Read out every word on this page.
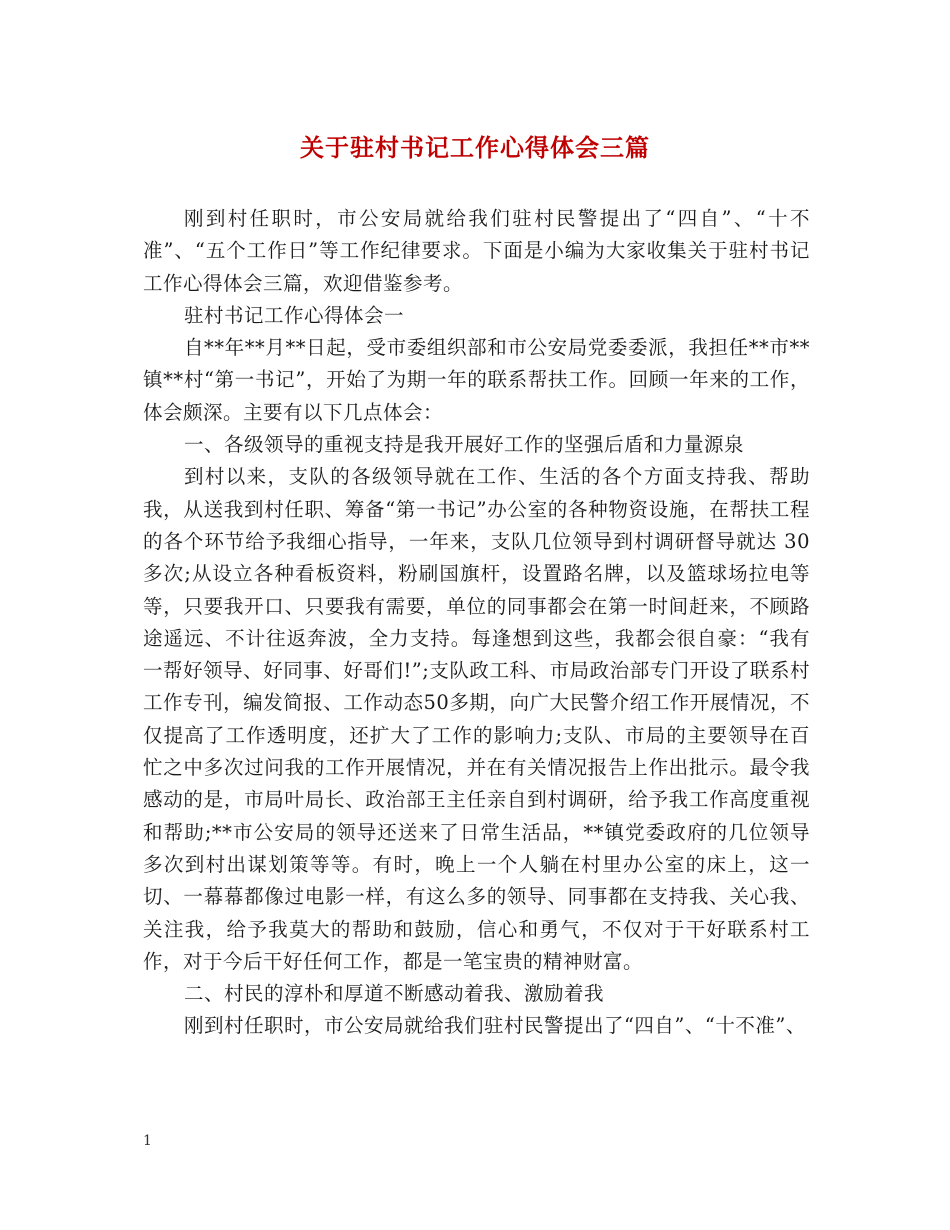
关于驻村书记工作心得体会三篇

刚到村任职时，市公安局就给我们驻村民警提出了“四自”、“十不准”、“五个工作日”等工作纪律要求。下面是小编为大家收集关于驻村书记工作心得体会三篇，欢迎借鉴参考。

驻村书记工作心得体会一

自**年**月**日起，受市委组织部和市公安局党委委派，我担任**市**镇**村“第一书记”，开始了为期一年的联系帮扶工作。回顾一年来的工作，体会颇深。主要有以下几点体会：

一、各级领导的重视支持是我开展好工作的坚强后盾和力量源泉

到村以来，支队的各级领导就在工作、生活的各个方面支持我、帮助我，从送我到村任职、筹备“第一书记”办公室的各种物资设施，在帮扶工程的各个环节给予我细心指导，一年来，支队几位领导到村调研督导就达 30 多次;从设立各种看板资料，粉刷国旗杆，设置路名牌，以及篮球场拉电等等，只要我开口、只要我有需要，单位的同事都会在第一时间赶来，不顾路途遥远、不计往返奔波，全力支持。每逢想到这些，我都会很自豪：“我有一帮好领导、好同事、好哥们!”;支队政工科、市局政治部专门开设了联系村工作专刊，编发简报、工作动态50多期，向广大民警介绍工作开展情况，不仅提高了工作透明度，还扩大了工作的影响力;支队、市局的主要领导在百忙之中多次过问我的工作开展情况，并在有关情况报告上作出批示。最令我感动的是，市局叶局长、政治部王主任亲自到村调研，给予我工作高度重视和帮助;**市公安局的领导还送来了日常生活品，**镇党委政府的几位领导多次到村出谋划策等等。有时，晚上一个人躺在村里办公室的床上，这一切、一幕幕都像过电影一样，有这么多的领导、同事都在支持我、关心我、关注我，给予我莫大的帮助和鼓励，信心和勇气，不仅对于干好联系村工作，对于今后干好任何工作，都是一笔宝贵的精神财富。

二、村民的淳朴和厚道不断感动着我、激励着我

刚到村任职时，市公安局就给我们驻村民警提出了“四自”、“十不准”、

1
